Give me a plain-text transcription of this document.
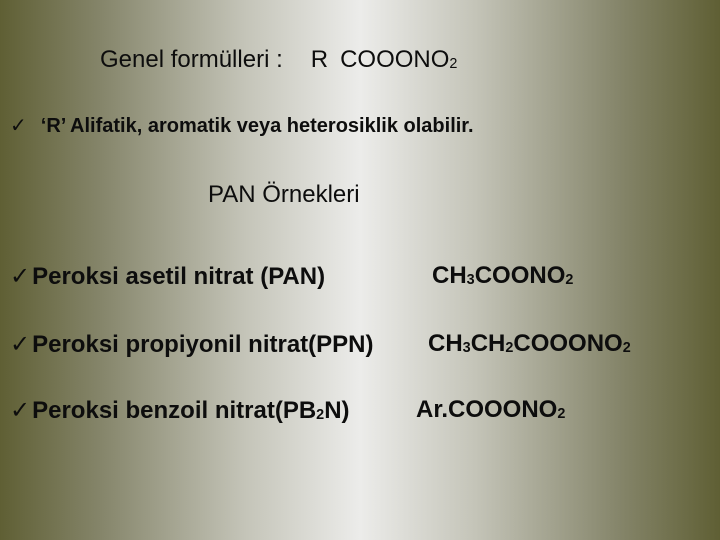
Genel formülleri : R $COOONO_2$
✓ ‘R’ Alifatik, aromatik veya heterosiklik olabilir.
PAN Örnekleri
✓Peroksi asetil nitrat (PAN)	$CH_3COONO_2$
✓Peroksi propiyonil nitrat(PPN) $CH_3CH_2COOONO_2$
✓Peroksi benzoil $nitrat(PB_2N)$	$Ar.COOONO_2$
